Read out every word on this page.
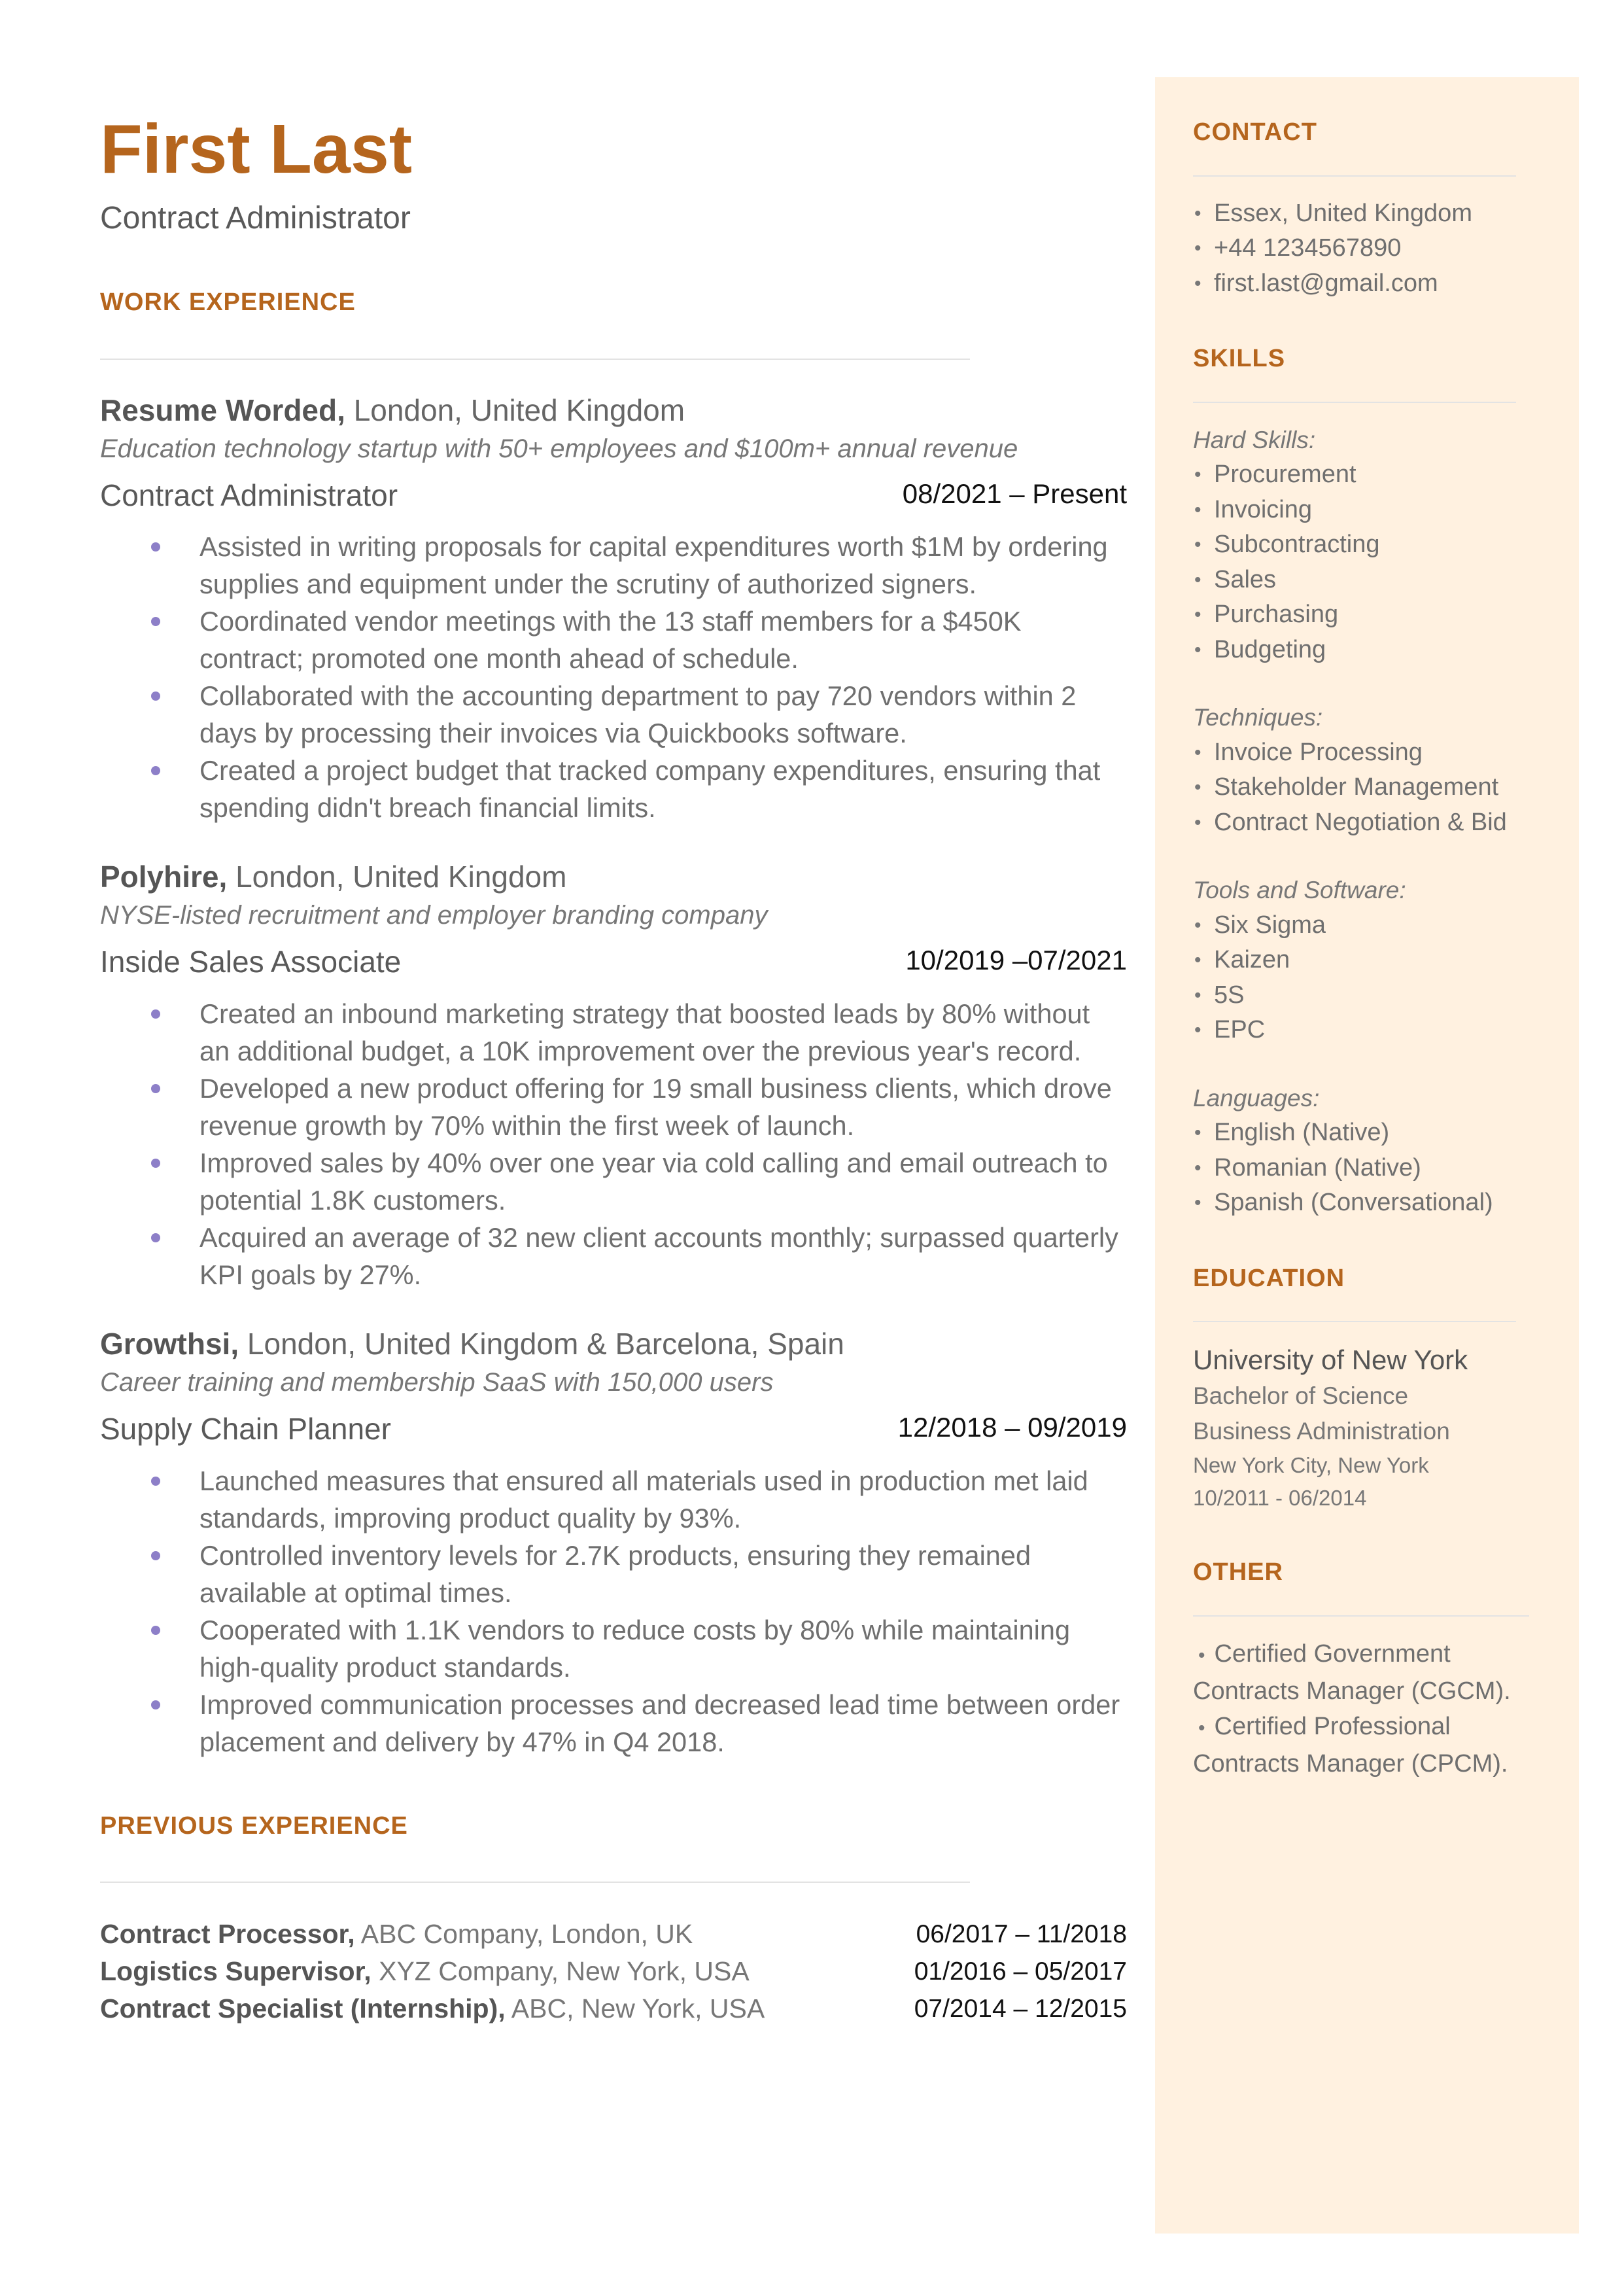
First Last
Contract Administrator
WORK EXPERIENCE
Resume Worded, London, United Kingdom
Education technology startup with 50+ employees and $100m+ annual revenue
Contract Administrator	08/2021 – Present
Assisted in writing proposals for capital expenditures worth $1M by ordering supplies and equipment under the scrutiny of authorized signers.
Coordinated vendor meetings with the 13 staff members for a $450K contract; promoted one month ahead of schedule.
Collaborated with the accounting department to pay 720 vendors within 2 days by processing their invoices via Quickbooks software.
Created a project budget that tracked company expenditures, ensuring that spending didn't breach financial limits.
Polyhire, London, United Kingdom
NYSE-listed recruitment and employer branding company
Inside Sales Associate	10/2019 –07/2021
Created an inbound marketing strategy that boosted leads by 80% without an additional budget, a 10K improvement over the previous year's record.
Developed a new product offering for 19 small business clients, which drove revenue growth by 70% within the first week of launch.
Improved sales by 40% over one year via cold calling and email outreach to potential 1.8K customers.
Acquired an average of 32 new client accounts monthly; surpassed quarterly KPI goals by 27%.
Growthsi, London, United Kingdom & Barcelona, Spain
Career training and membership SaaS with 150,000 users
Supply Chain Planner	12/2018 – 09/2019
Launched measures that ensured all materials used in production met laid standards, improving product quality by 93%.
Controlled inventory levels for 2.7K products, ensuring they remained available at optimal times.
Cooperated with 1.1K vendors to reduce costs by 80% while maintaining high-quality product standards.
Improved communication processes and decreased lead time between order placement and delivery by 47% in Q4 2018.
PREVIOUS EXPERIENCE
Contract Processor, ABC Company, London, UK	06/2017 – 11/2018
Logistics Supervisor, XYZ Company, New York, USA	01/2016 – 05/2017
Contract Specialist (Internship), ABC, New York, USA	07/2014 – 12/2015
CONTACT
• Essex, United Kingdom
• +44 1234567890
• first.last@gmail.com
SKILLS
Hard Skills:
• Procurement
• Invoicing
• Subcontracting
• Sales
• Purchasing
• Budgeting
Techniques:
• Invoice Processing
• Stakeholder Management
• Contract Negotiation & Bid
Tools and Software:
• Six Sigma
• Kaizen
• 5S
• EPC
Languages:
• English (Native)
• Romanian (Native)
• Spanish (Conversational)
EDUCATION
University of New York
Bachelor of Science
Business Administration
New York City, New York
10/2011 - 06/2014
OTHER
• Certified Government Contracts Manager (CGCM).
• Certified Professional Contracts Manager (CPCM).
